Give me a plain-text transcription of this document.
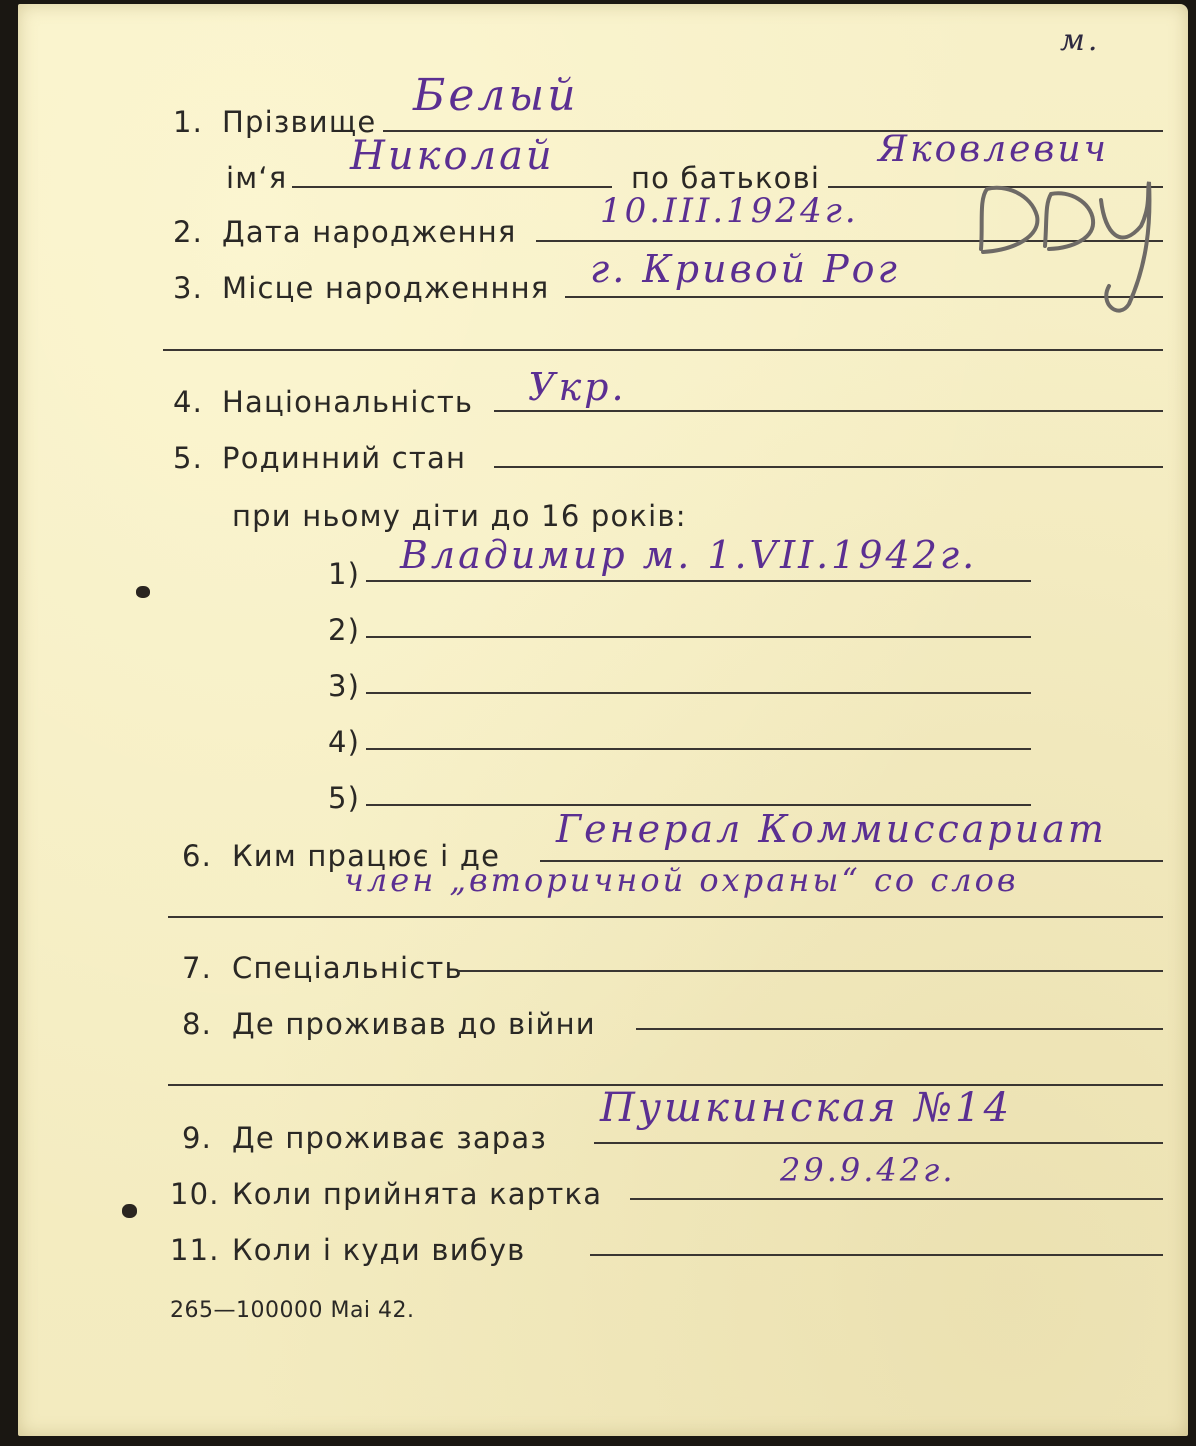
м.
1. Прізвище
Белый
ім‘я Николай	по батькові
Яковлевич
2. Дата народження
10.III.1924г.
3. Місце народженння г. Кривой Рог
4. Національність Укр.
5. Родинний стан
при ньому діти до 16 років:
1) Владимир м. 1.VII.1942г.
2)
3)
4)
5)
6. Ким працює і де
Генерал Коммиссариат
член „вторичной охраны“ со слов
7. Спеціальність
8. Де проживав до війни
9. Де проживає зараз
Пушкинская №14
10. Коли прийнята картка
29.9.42г.
11. Коли і куди вибув
265—100000 Mai 42.
